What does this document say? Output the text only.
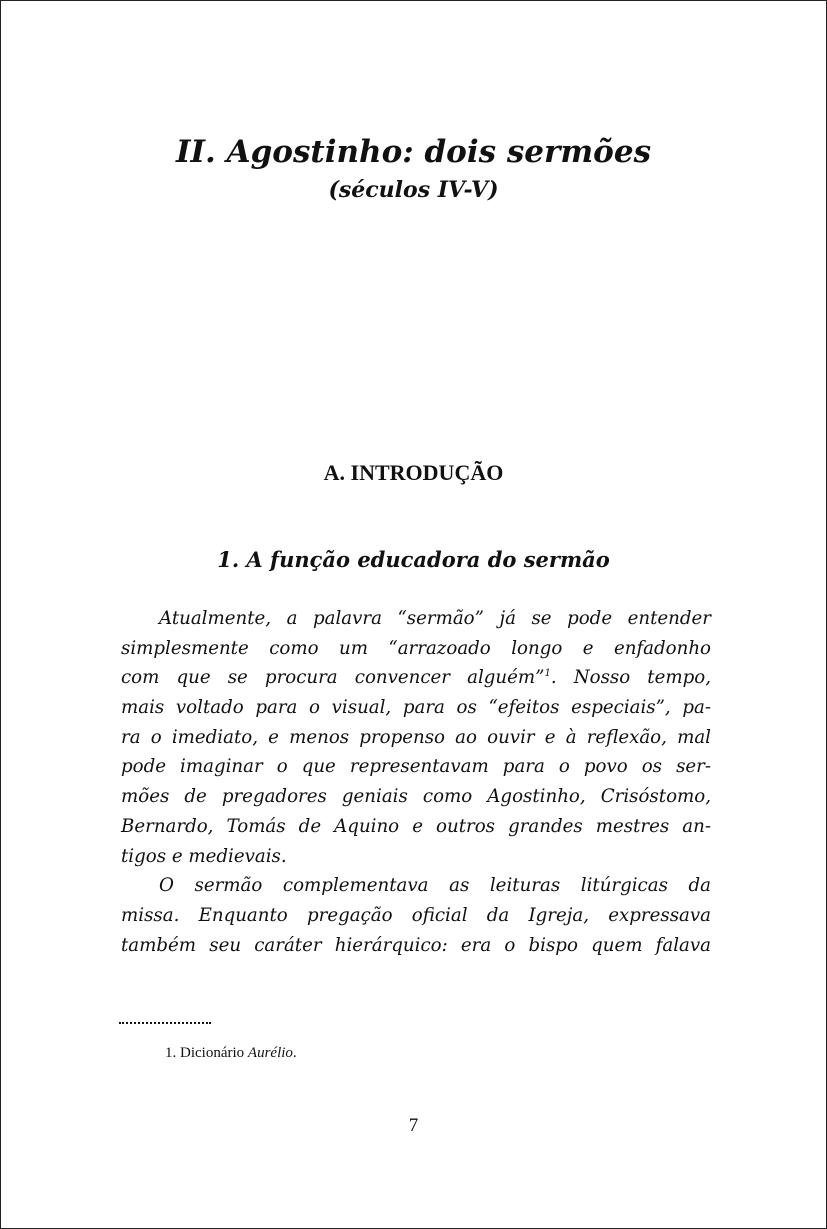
II. Agostinho: dois sermões
(séculos IV-V)
A. INTRODUÇÃO
1. A função educadora do sermão
Atualmente, a palavra “sermão” já se pode entender
simplesmente como um “arrazoado longo e enfadonho
com que se procura convencer alguém”$^1$. Nosso tempo,
mais voltado para o visual, para os “efeitos especiais”, pa-
ra o imediato, e menos propenso ao ouvir e à reflexão, mal
pode imaginar o que representavam para o povo os ser-
mões de pregadores geniais como Agostinho, Crisóstomo,
Bernardo, Tomás de Aquino e outros grandes mestres an-
tigos e medievais.
O sermão complementava as leituras litúrgicas da
missa. Enquanto pregação oficial da Igreja, expressava
também seu caráter hierárquico: era o bispo quem falava
1. Dicionário Aurélio.
7
